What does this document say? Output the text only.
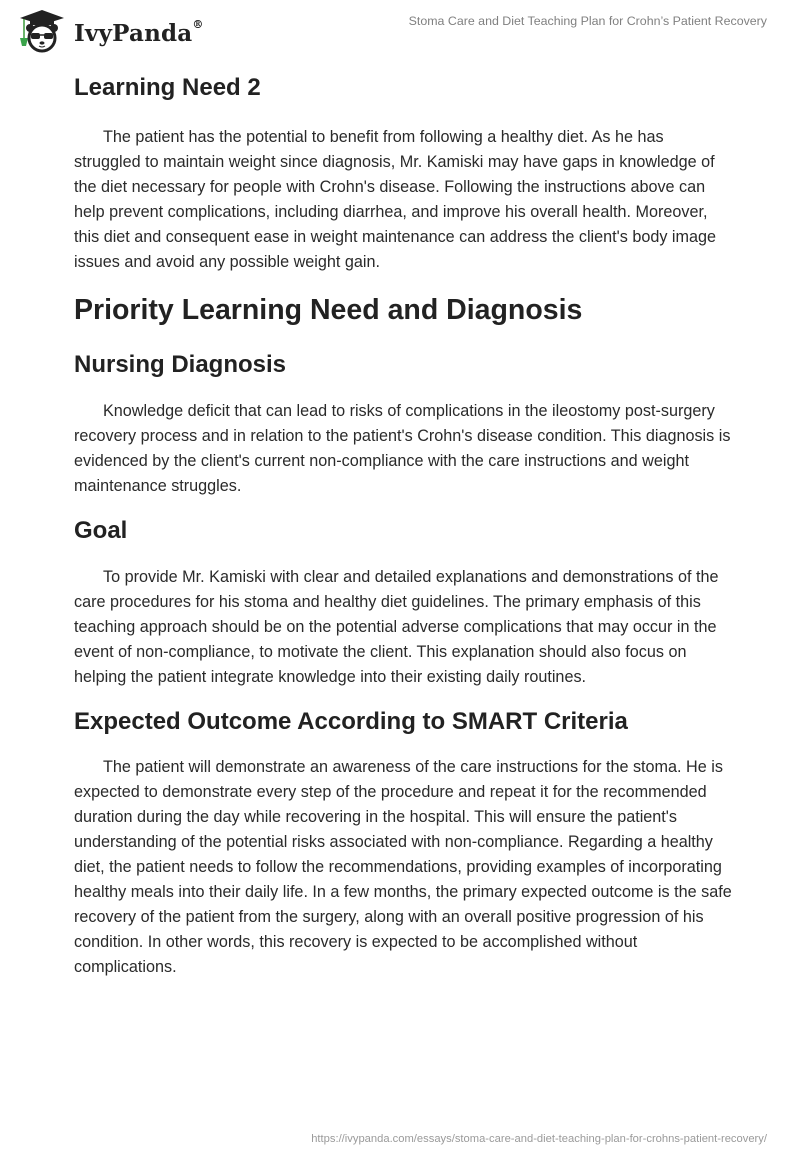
IvyPanda®	Stoma Care and Diet Teaching Plan for Crohn’s Patient Recovery
Learning Need 2

The patient has the potential to benefit from following a healthy diet. As he has struggled to maintain weight since diagnosis, Mr. Kamiski may have gaps in knowledge of the diet necessary for people with Crohn's disease. Following the instructions above can help prevent complications, including diarrhea, and improve his overall health. Moreover, this diet and consequent ease in weight maintenance can address the client's body image issues and avoid any possible weight gain.

Priority Learning Need and Diagnosis
Nursing Diagnosis

Knowledge deficit that can lead to risks of complications in the ileostomy post-surgery recovery process and in relation to the patient's Crohn's disease condition. This diagnosis is evidenced by the client's current non-compliance with the care instructions and weight maintenance struggles.

Goal

To provide Mr. Kamiski with clear and detailed explanations and demonstrations of the care procedures for his stoma and healthy diet guidelines. The primary emphasis of this teaching approach should be on the potential adverse complications that may occur in the event of non-compliance, to motivate the client. This explanation should also focus on helping the patient integrate knowledge into their existing daily routines.

Expected Outcome According to SMART Criteria

The patient will demonstrate an awareness of the care instructions for the stoma. He is expected to demonstrate every step of the procedure and repeat it for the recommended duration during the day while recovering in the hospital. This will ensure the patient's understanding of the potential risks associated with non-compliance. Regarding a healthy diet, the patient needs to follow the recommendations, providing examples of incorporating healthy meals into their daily life. In a few months, the primary expected outcome is the safe recovery of the patient from the surgery, along with an overall positive progression of his condition. In other words, this recovery is expected to be accomplished without complications.

https://ivypanda.com/essays/stoma-care-and-diet-teaching-plan-for-crohns-patient-recovery/
